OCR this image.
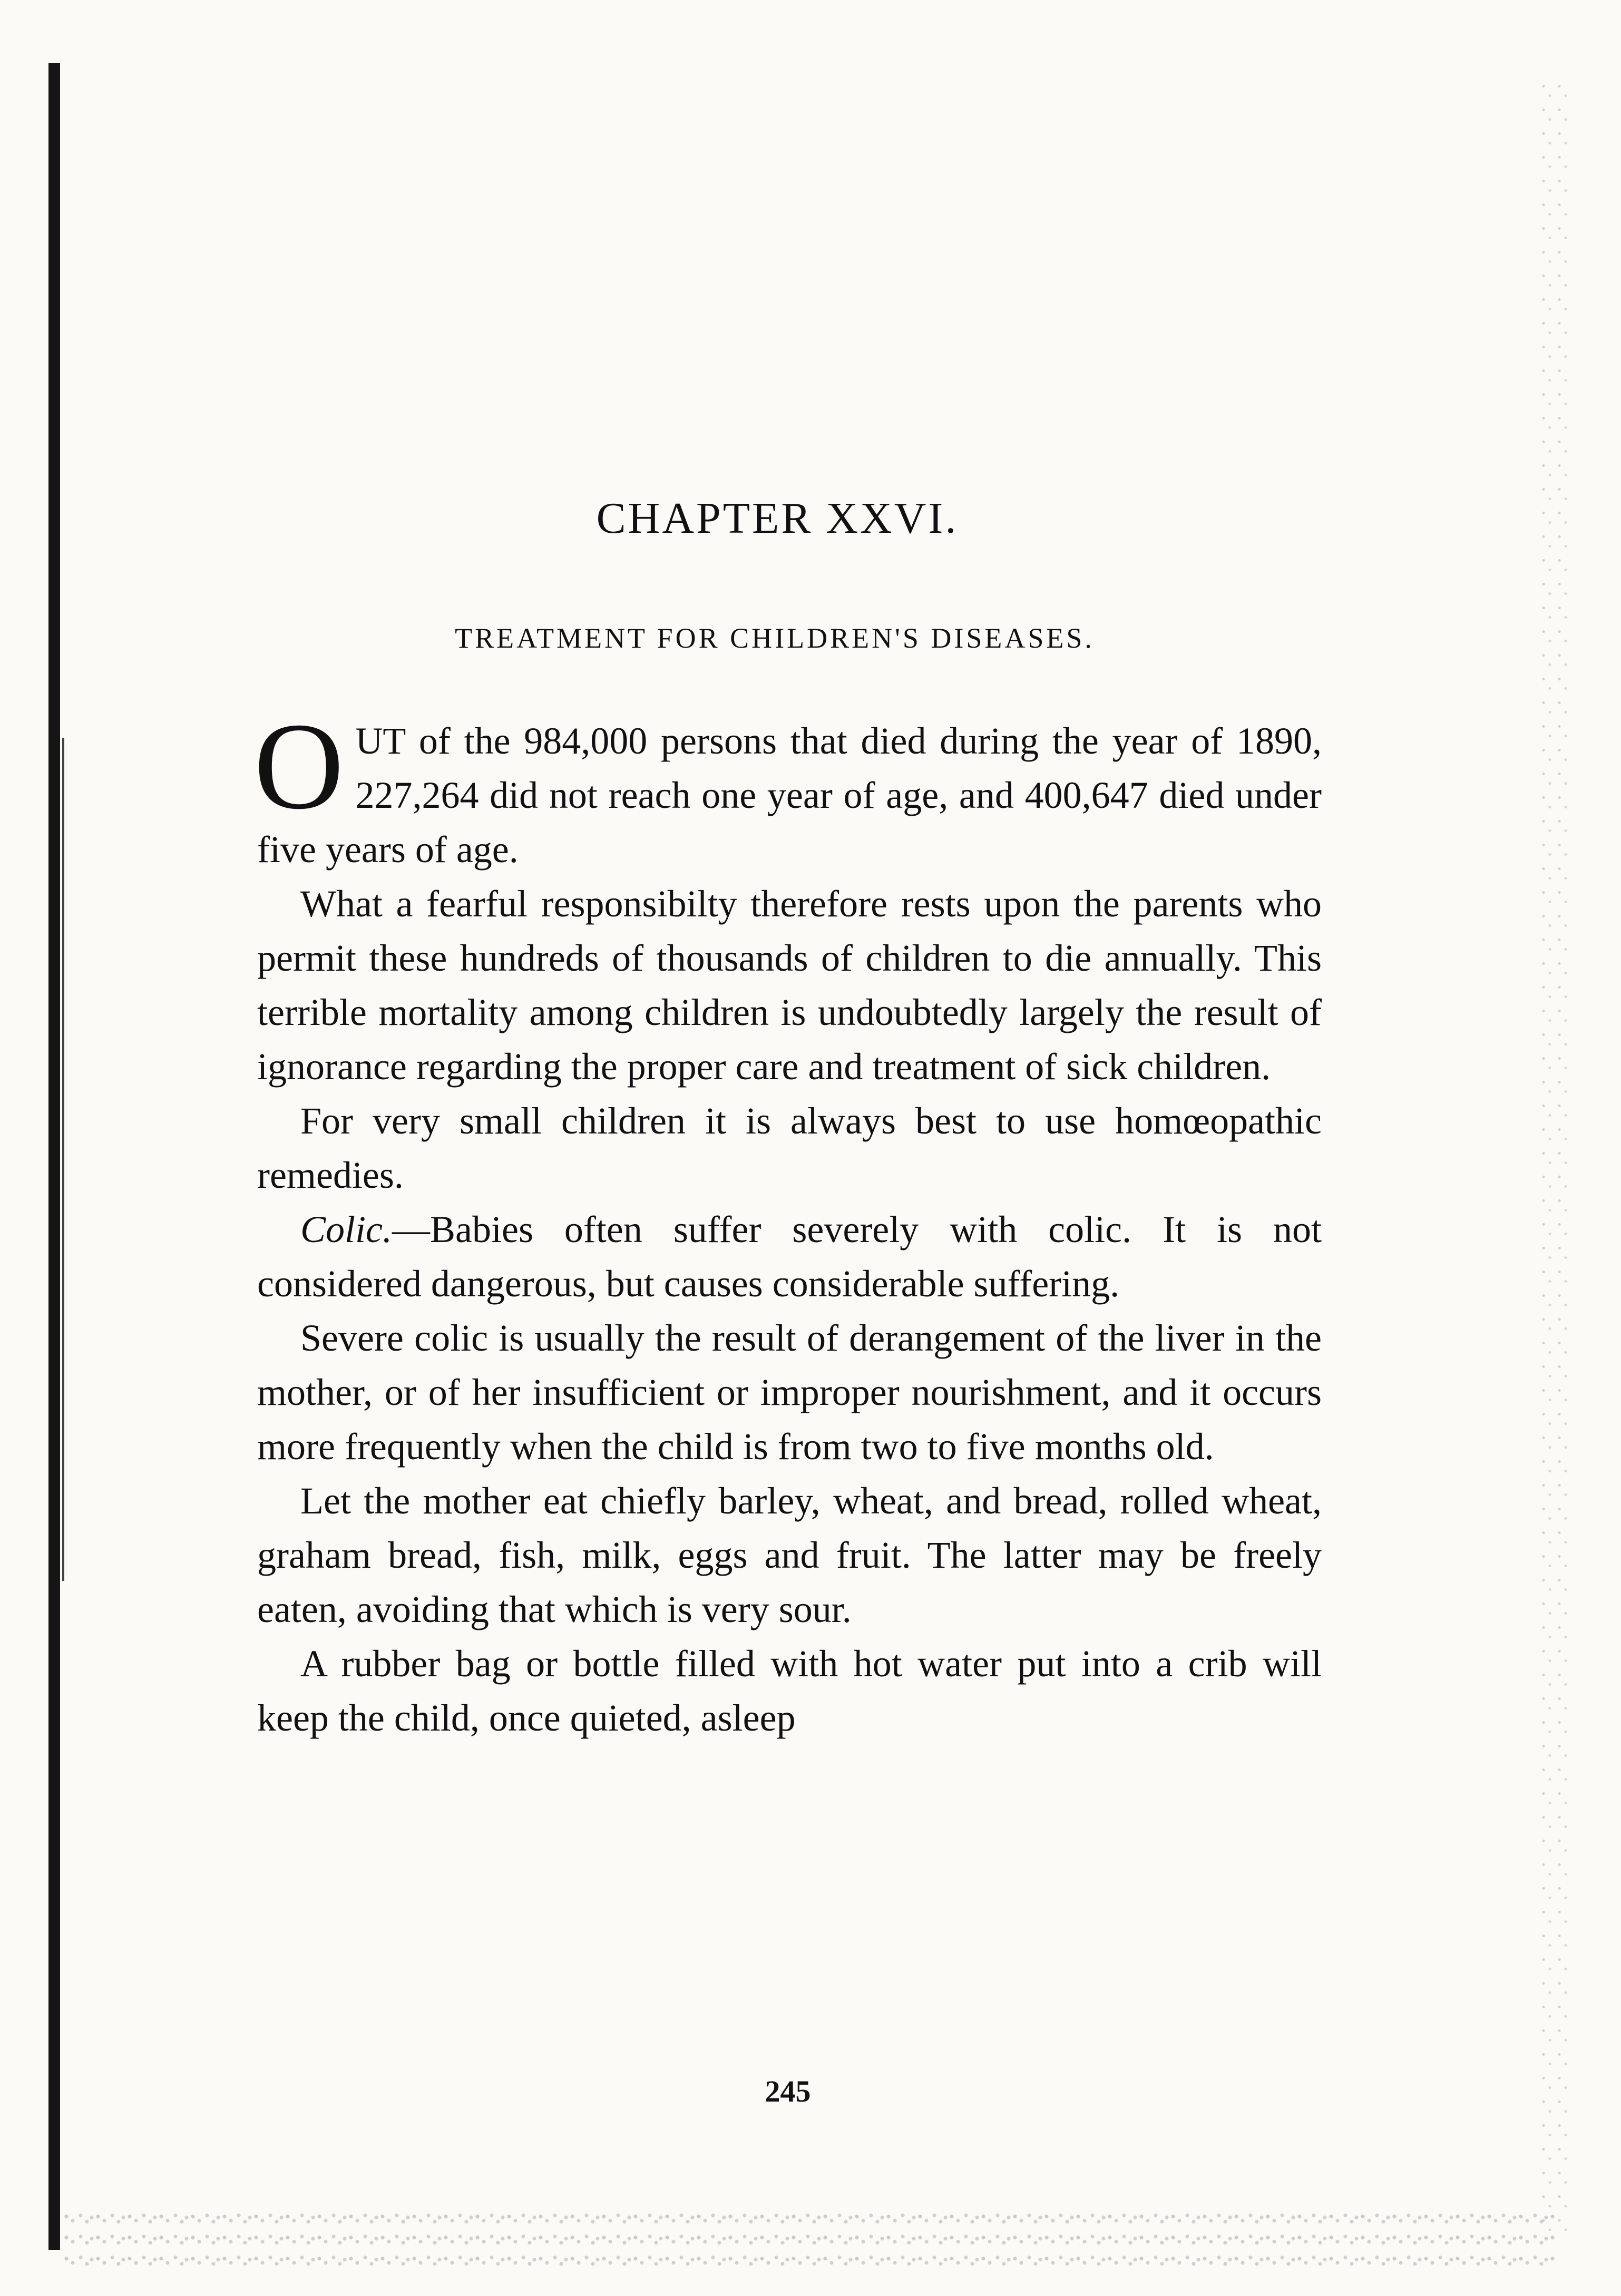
CHAPTER XXVI.
TREATMENT FOR CHILDREN'S DISEASES.

OUT of the 984,000 persons that died during the year of 1890, 227,264 did not reach one year of age, and 400,647 died under five years of age.

What a fearful responsibilty therefore rests upon the parents who permit these hundreds of thousands of children to die annually. This terrible mortality among children is undoubtedly largely the result of ignorance regarding the proper care and treatment of sick children.

For very small children it is always best to use homœopathic remedies.

Colic.—Babies often suffer severely with colic. It is not considered dangerous, but causes considerable suffering.

Severe colic is usually the result of derangement of the liver in the mother, or of her insufficient or improper nourishment, and it occurs more frequently when the child is from two to five months old.

Let the mother eat chiefly barley, wheat, and bread, rolled wheat, graham bread, fish, milk, eggs and fruit. The latter may be freely eaten, avoiding that which is very sour.

A rubber bag or bottle filled with hot water put into a crib will keep the child, once quieted, asleep

245
